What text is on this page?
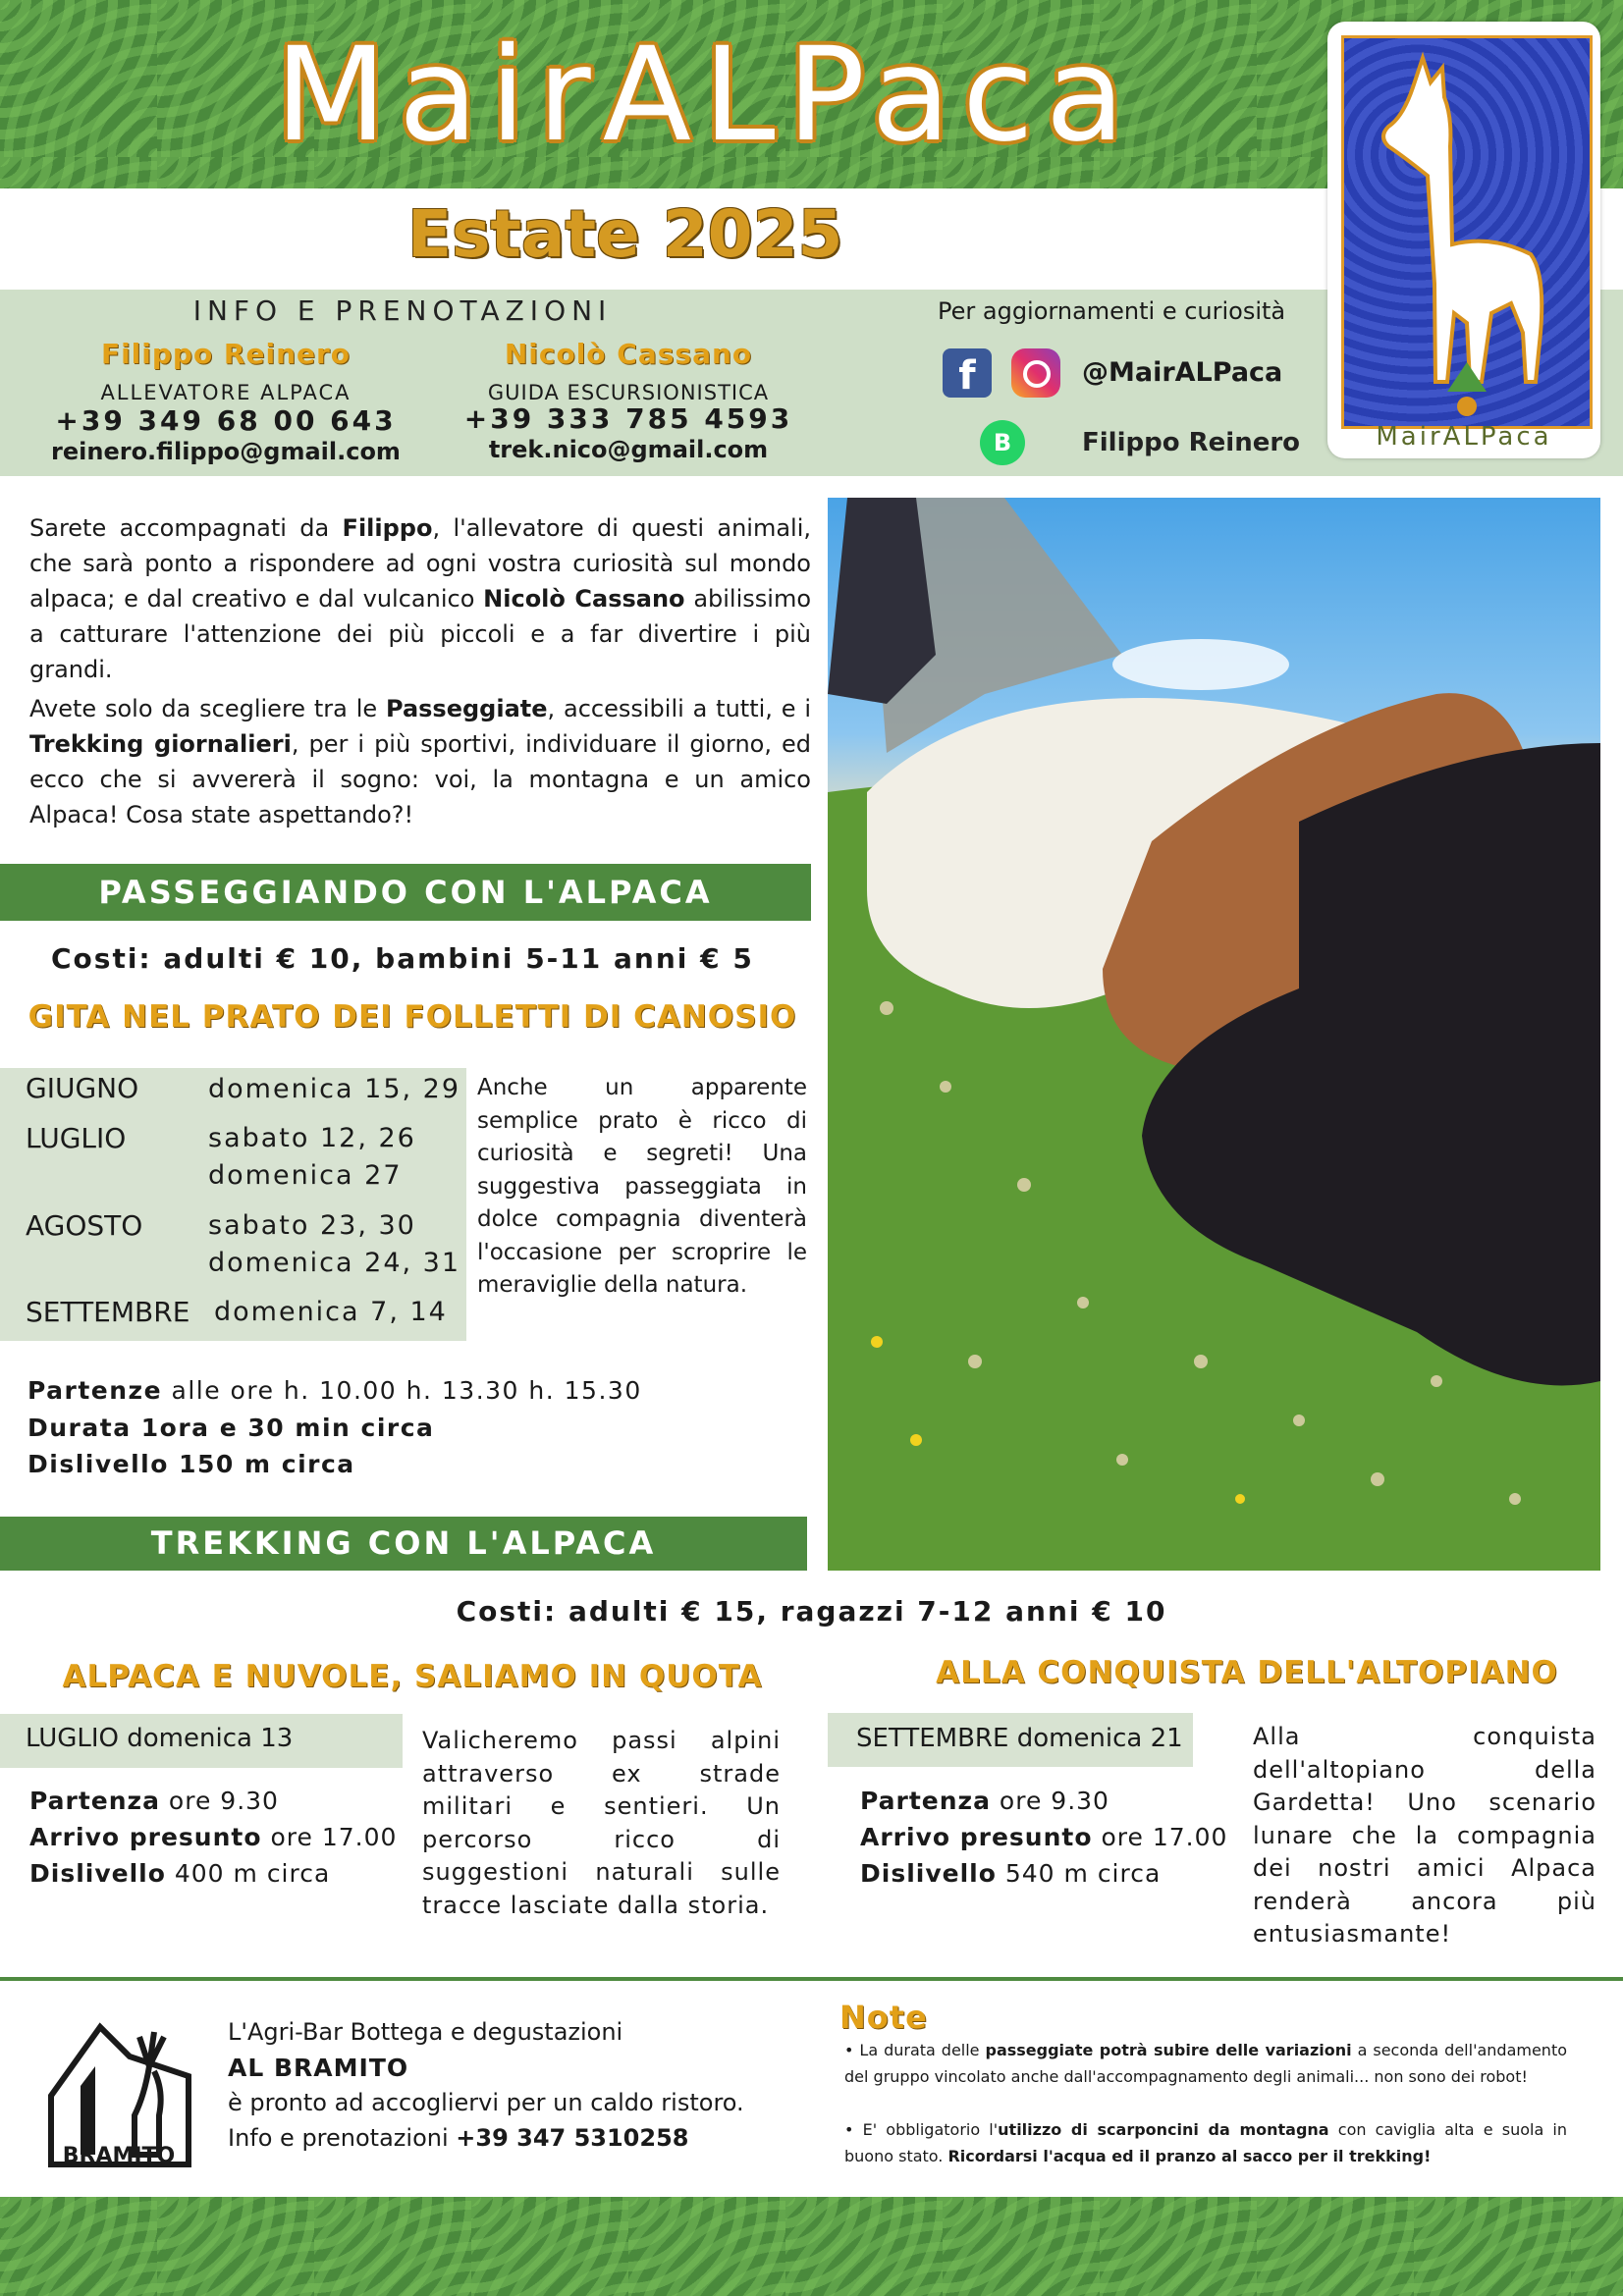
MairALPaca
Estate 2025
INFO E PRENOTAZIONI
Filippo Reinero
ALLEVATORE ALPACA
+39 349 68 00 643
reinero.filippo@gmail.com
Nicolò Cassano
GUIDA ESCURSIONISTICA
+39 333 785 4593
trek.nico@gmail.com
Per aggiornamenti e curiosità
f	@MairALPaca
B	Filippo Reinero	MairALPaca
Sarete accompagnati da Filippo, l'allevatore di questi animali, che sarà ponto a rispondere ad ogni vostra curiosità sul mondo alpaca; e dal creativo e dal vulcanico Nicolò Cassano abilissimo a catturare l'attenzione dei più piccoli e a far divertire i più grandi.
Avete solo da scegliere tra le Passeggiate, accessibili a tutti, e i Trekking giornalieri, per i più sportivi, individuare il giorno, ed ecco che si avvererà il sogno: voi, la montagna e un amico Alpaca! Cosa state aspettando?!
PASSEGGIANDO CON L'ALPACA
Costi: adulti € 10, bambini 5-11 anni € 5
GITA NEL PRATO DEI FOLLETTI DI CANOSIO
GIUGNO	domenica 15, 29
LUGLIO	sabato 12, 26
domenica 27
AGOSTO sabato 23, 30
domenica 24, 31
SETTEMBRE domenica 7, 14
Anche un apparente semplice prato è ricco di curiosità e segreti! Una suggestiva passeggiata in dolce compagnia diventerà l'occasione per scroprire le meraviglie della natura.
Partenze alle ore h. 10.00 h. 13.30 h. 15.30
Durata 1ora e 30 min circa
Dislivello 150 m circa
TREKKING CON L'ALPACA
Costi: adulti € 15, ragazzi 7-12 anni € 10
ALPACA E NUVOLE, SALIAMO IN QUOTA
LUGLIO domenica 13
Partenza ore 9.30
Arrivo presunto ore 17.00
Dislivello 400 m circa
Valicheremo passi alpini attraverso ex strade militari e sentieri. Un percorso ricco di suggestioni naturali sulle tracce lasciate dalla storia.
ALLA CONQUISTA DELL'ALTOPIANO
SETTEMBRE domenica 21
Partenza ore 9.30
Arrivo presunto ore 17.00
Dislivello 540 m circa
Alla conquista dell'altopiano della Gardetta! Uno scenario lunare che la compagnia dei nostri amici Alpaca renderà ancora più entusiasmante!
BRAMITO
L'Agri-Bar Bottega e degustazioni
AL BRAMITO
è pronto ad accogliervi per un caldo ristoro.
Info e prenotazioni +39 347 5310258
Note
• La durata delle passeggiate potrà subire delle variazioni a seconda dell'andamento del gruppo vincolato anche dall'accompagnamento degli animali... non sono dei robot!
• E' obbligatorio l'utilizzo di scarponcini da montagna con caviglia alta e suola in buono stato. Ricordarsi l'acqua ed il pranzo al sacco per il trekking!
